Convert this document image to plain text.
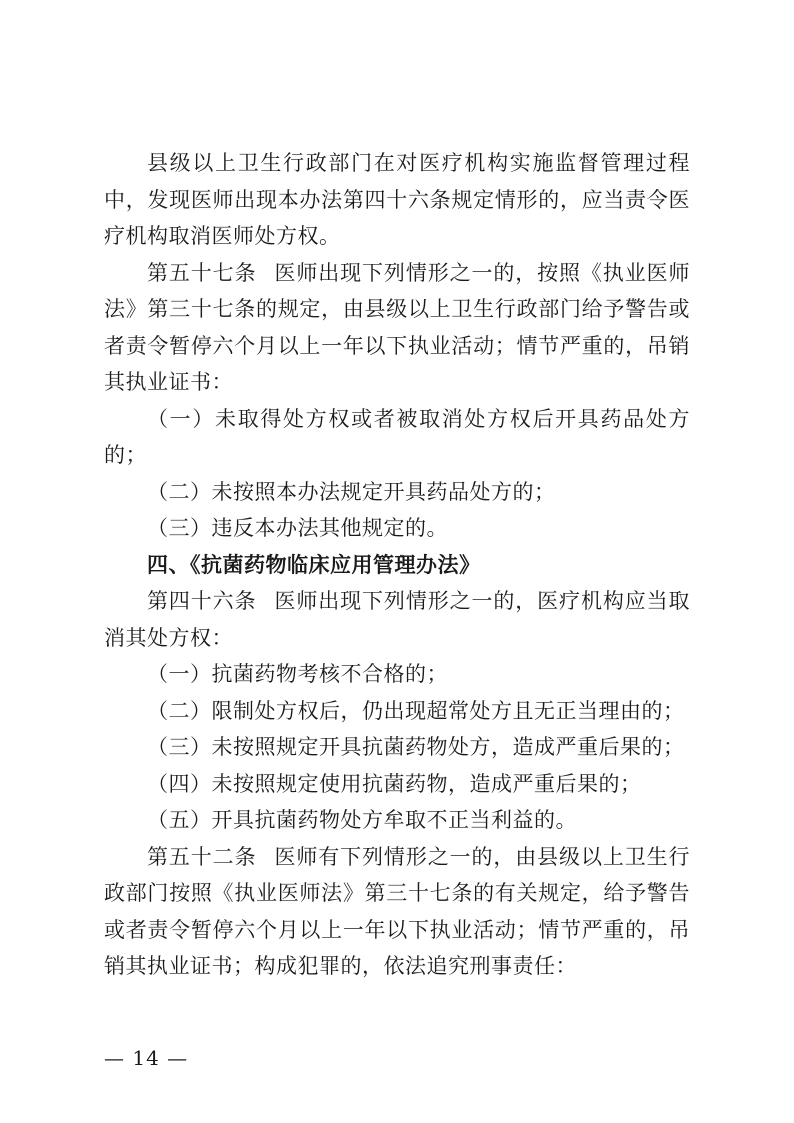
县级以上卫生行政部门在对医疗机构实施监督管理过程中，发现医师出现本办法第四十六条规定情形的，应当责令医疗机构取消医师处方权。

第五十七条 医师出现下列情形之一的，按照《执业医师法》第三十七条的规定，由县级以上卫生行政部门给予警告或者责令暂停六个月以上一年以下执业活动；情节严重的，吊销其执业证书：

（一）未取得处方权或者被取消处方权后开具药品处方的；

（二）未按照本办法规定开具药品处方的；

（三）违反本办法其他规定的。

四、《抗菌药物临床应用管理办法》

第四十六条 医师出现下列情形之一的，医疗机构应当取消其处方权：

（一）抗菌药物考核不合格的；

（二）限制处方权后，仍出现超常处方且无正当理由的；

（三）未按照规定开具抗菌药物处方，造成严重后果的；

（四）未按照规定使用抗菌药物，造成严重后果的；

（五）开具抗菌药物处方牟取不正当利益的。

第五十二条 医师有下列情形之一的，由县级以上卫生行政部门按照《执业医师法》第三十七条的有关规定，给予警告或者责令暂停六个月以上一年以下执业活动；情节严重的，吊销其执业证书；构成犯罪的，依法追究刑事责任：

— 14 —
